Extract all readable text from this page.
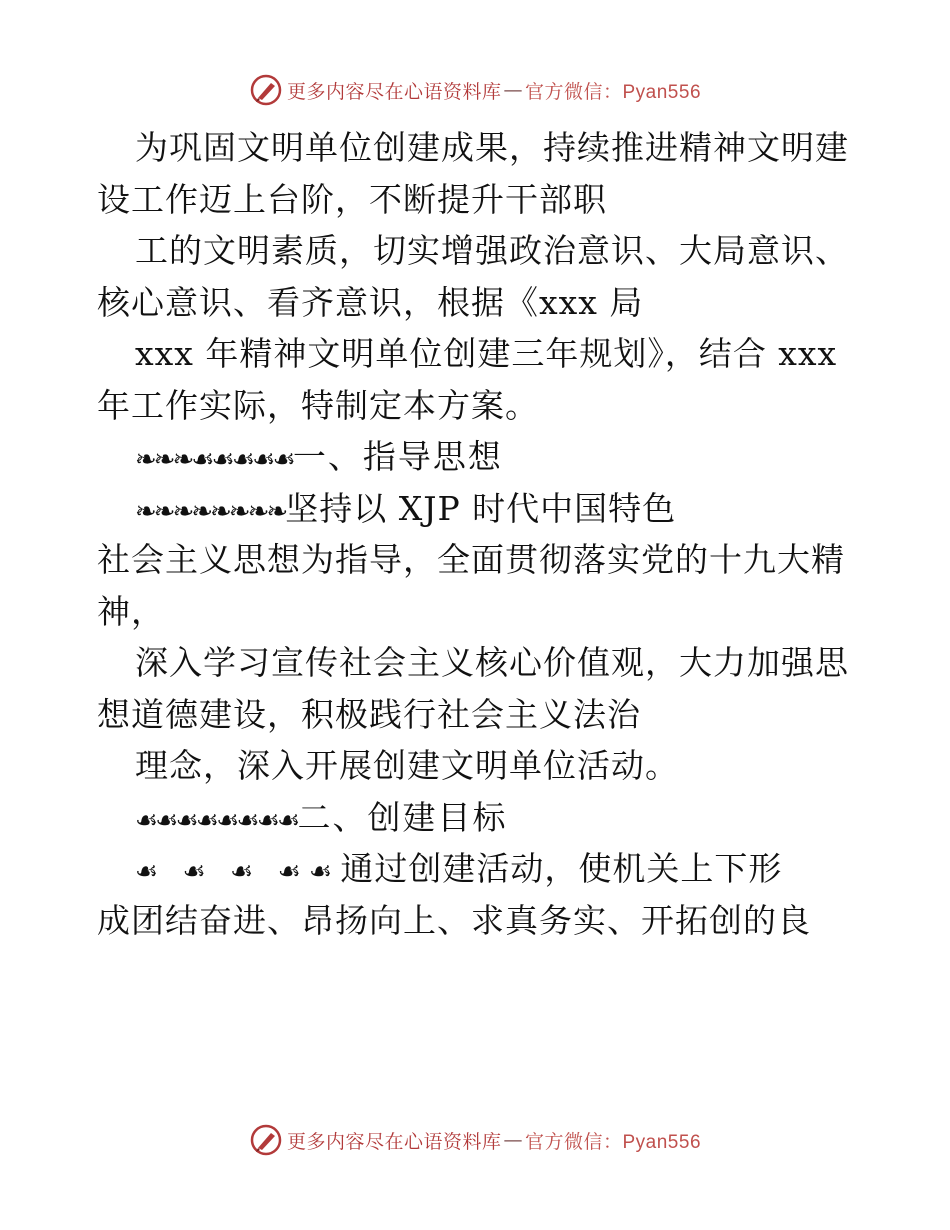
更多内容尽在心语资料库 — 官方微信：Pyan556
为巩固文明单位创建成果，持续推进精神文明建
设工作迈上台阶，不断提升干部职
工的文明素质，切实增强政治意识、大局意识、
核心意识、看齐意识，根据《xxx 局
xxx 年精神文明单位创建三年规划》，结合 xxx
年工作实际，特制定本方案。
❧❧❧☙☙☙☙☙一、指导思想
❧❧❧❧❧❧❧❧坚持以 XJP 时代中国特色
社会主义思想为指导，全面贯彻落实党的十九大精
神，
深入学习宣传社会主义核心价值观，大力加强思
想道德建设，积极践行社会主义法治
理念，深入开展创建文明单位活动。
☙☙☙☙☙☙☙☙二、创建目标
☙ ☙ ☙ ☙☙通过创建活动，使机关上下形
成团结奋进、昂扬向上、求真务实、开拓创的良
更多内容尽在心语资料库 — 官方微信：Pyan556
